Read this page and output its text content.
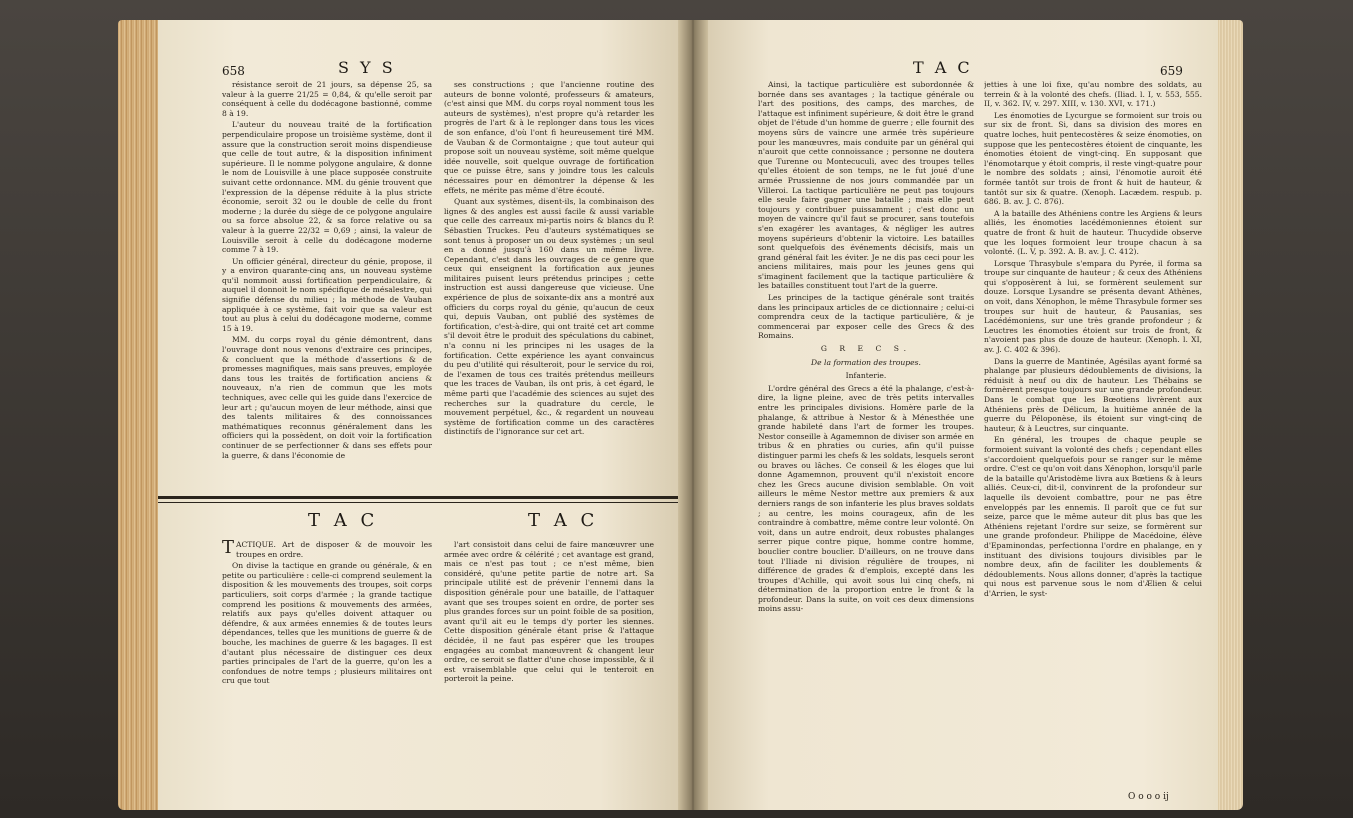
658	S Y S

résistance seroit de 21 jours, sa dépense 25, sa valeur à la guerre 21/25 = 0,84, & qu'elle seroit par conséquent à celle du dodécagone bastionné, comme 8 à 19.

L'auteur du nouveau traité de la fortification perpendiculaire propose un troisième système, dont il assure que la construction seroit moins dispendieuse que celle de tout autre, & la disposition infiniment supérieure. Il le nomme polygone angulaire, & donne le nom de Louisville à une place supposée construite suivant cette ordonnance. MM. du génie trouvent que l'expression de la dépense réduite à la plus stricte économie, seroit 32 ou le double de celle du front moderne ; la durée du siège de ce polygone angulaire ou sa force absolue 22, & sa force relative ou sa valeur à la guerre 22/32 = 0,69 ; ainsi, la valeur de Louisville seroit à celle du dodécagone moderne comme 7 à 19.

Un officier général, directeur du génie, propose, il y a environ quarante-cinq ans, un nouveau système qu'il nommoit aussi fortification perpendiculaire, & auquel il donnoit le nom spécifique de mésalestre, qui signifie défense du milieu ; la méthode de Vauban appliquée à ce système, fait voir que sa valeur est tout au plus à celui du dodécagone moderne, comme 15 à 19.

MM. du corps royal du génie démontrent, dans l'ouvrage dont nous venons d'extraire ces principes, & concluent que la méthode d'assertions & de promesses magnifiques, mais sans preuves, employée dans tous les traités de fortification anciens & nouveaux, n'a rien de commun que les mots techniques, avec celle qui les guide dans l'exercice de leur art ; qu'aucun moyen de leur méthode, ainsi que des talents militaires & des connoissances mathématiques reconnus généralement dans les officiers qui la possèdent, on doit voir la fortification continuer de se perfectionner & dans ses effets pour la guerre, & dans l'économie de

ses constructions ; que l'ancienne routine des auteurs de bonne volonté, professeurs & amateurs, (c'est ainsi que MM. du corps royal nomment tous les auteurs de systèmes), n'est propre qu'à retarder les progrès de l'art & à le replonger dans tous les vices de son enfance, d'où l'ont fi heureusement tiré MM. de Vauban & de Cormontaigne ; que tout auteur qui propose soit un nouveau système, soit même quelque idée nouvelle, soit quelque ouvrage de fortification que ce puisse être, sans y joindre tous les calculs nécessaires pour en démontrer la dépense & les effets, ne mérite pas même d'être écouté.

Quant aux systèmes, disent-ils, la combinaison des lignes & des angles est aussi facile & aussi variable que celle des carreaux mi-partis noirs & blancs du P. Sébastien Truckes. Peu d'auteurs systématiques se sont tenus à proposer un ou deux systèmes ; un seul en a donné jusqu'à 160 dans un même livre. Cependant, c'est dans les ouvrages de ce genre que ceux qui enseignent la fortification aux jeunes militaires puisent leurs prétendus principes ; cette instruction est aussi dangereuse que vicieuse. Une expérience de plus de soixante-dix ans a montré aux officiers du corps royal du génie, qu'aucun de ceux qui, depuis Vauban, ont publié des systèmes de fortification, c'est-à-dire, qui ont traité cet art comme s'il devoit être le produit des spéculations du cabinet, n'a connu ni les principes ni les usages de la fortification. Cette expérience les ayant convaincus du peu d'utilité qui résulteroit, pour le service du roi, de l'examen de tous ces traités prétendus meilleurs que les traces de Vauban, ils ont pris, à cet égard, le même parti que l'académie des sciences au sujet des recherches sur la quadrature du cercle, le mouvement perpétuel, &c., & regardent un nouveau système de fortification comme un des caractères distinctifs de l'ignorance sur cet art.

T A C	T A C
T ACTIQUE. Art de disposer & de mouvoir les troupes en ordre.

On divise la tactique en grande ou générale, & en petite ou particulière : celle-ci comprend seulement la disposition & les mouvements des troupes, soit corps particuliers, soit corps d'armée ; la grande tactique comprend les positions & mouvements des armées, relatifs aux pays qu'elles doivent attaquer ou défendre, & aux armées ennemies & de toutes leurs dépendances, telles que les munitions de guerre & de bouche, les machines de guerre & les bagages. Il est d'autant plus nécessaire de distinguer ces deux parties principales de l'art de la guerre, qu'on les a confondues de notre temps ; plusieurs militaires ont cru que tout

l'art consistoit dans celui de faire manœuvrer une armée avec ordre & célérité ; cet avantage est grand, mais ce n'est pas tout ; ce n'est même, bien considéré, qu'une petite partie de notre art. Sa principale utilité est de prévenir l'ennemi dans la disposition générale pour une bataille, de l'attaquer avant que ses troupes soient en ordre, de porter ses plus grandes forces sur un point foible de sa position, avant qu'il ait eu le temps d'y porter les siennes. Cette disposition générale étant prise & l'attaque décidée, il ne faut pas espérer que les troupes engagées au combat manœuvrent & changent leur ordre, ce seroit se flatter d'une chose impossible, & il est vraisemblable que celui qui le tenteroit en porteroit la peine.

T A C	659

Ainsi, la tactique particulière est subordonnée & bornée dans ses avantages ; la tactique générale ou l'art des positions, des camps, des marches, de l'attaque est infiniment supérieure, & doit être le grand objet de l'étude d'un homme de guerre ; elle fournit des moyens sûrs de vaincre une armée très supérieure pour les manœuvres, mais conduite par un général qui n'auroit que cette connoissance ; personne ne doutera que Turenne ou Montecuculi, avec des troupes telles qu'elles étoient de son temps, ne le fut joué d'une armée Prussienne de nos jours commandée par un Villeroi. La tactique particulière ne peut pas toujours elle seule faire gagner une bataille ; mais elle peut toujours y contribuer puissamment ; c'est donc un moyen de vaincre qu'il faut se procurer, sans toutefois s'en exagérer les avantages, & négliger les autres moyens supérieurs d'obtenir la victoire. Les batailles sont quelquefois des événements décisifs, mais un grand général fait les éviter. Je ne dis pas ceci pour les anciens militaires, mais pour les jeunes gens qui s'imaginent facilement que la tactique particulière & les batailles constituent tout l'art de la guerre.

Les principes de la tactique générale sont traités dans les principaux articles de ce dictionnaire ; celui-ci comprendra ceux de la tactique particulière, & je commencerai par exposer celle des Grecs & des Romains.

G R E C S.
De la formation des troupes.
Infanterie.

L'ordre général des Grecs a été la phalange, c'est-à-dire, la ligne pleine, avec de très petits intervalles entre les principales divisions. Homère parle de la phalange, & attribue à Nestor & à Ménesthée une grande habileté dans l'art de former les troupes. Nestor conseille à Agamemnon de diviser son armée en tribus & en phraties ou curies, afin qu'il puisse distinguer parmi les chefs & les soldats, lesquels seront ou braves ou lâches. Ce conseil & les éloges que lui donne Agamemnon, prouvent qu'il n'existoit encore chez les Grecs aucune division semblable. On voit ailleurs le même Nestor mettre aux premiers & aux derniers rangs de son infanterie les plus braves soldats ; au centre, les moins courageux, afin de les contraindre à combattre, même contre leur volonté. On voit, dans un autre endroit, deux robustes phalanges serrer pique contre pique, homme contre homme, bouclier contre bouclier. D'ailleurs, on ne trouve dans tout l'Iliade ni division régulière de troupes, ni différence de grades & d'emplois, excepté dans les troupes d'Achille, qui avoit sous lui cinq chefs, ni détermination de la proportion entre le front & la profondeur. Dans la suite, on voit ces deux dimensions moins assu-

jetties à une loi fixe, qu'au nombre des soldats, au terrein & à la volonté des chefs. (Iliad. l. I, v. 553, 555. II, v. 362. IV, v. 297. XIII, v. 130. XVI, v. 171.)

Les énomoties de Lycurgue se formoient sur trois ou sur six de front. Si, dans sa division des mores en quatre loches, huit pentecostères & seize énomoties, on suppose que les pentecostères étoient de cinquante, les énomoties étoient de vingt-cinq. En supposant que l'énomotarque y étoit compris, il reste vingt-quatre pour le nombre des soldats ; ainsi, l'énomotie auroit été formée tantôt sur trois de front & huit de hauteur, & tantôt sur six & quatre. (Xenoph. Lacædem. respub. p. 686. B. av. J. C. 876).

A la bataille des Athéniens contre les Argiens & leurs alliés, les énomoties lacédémoniennes étoient sur quatre de front & huit de hauteur. Thucydide observe que les loques formoient leur troupe chacun à sa volonté. (L. V, p. 392. A. B. av. J. C. 412).

Lorsque Thrasybule s'empara du Pyrée, il forma sa troupe sur cinquante de hauteur ; & ceux des Athéniens qui s'opposèrent à lui, se formèrent seulement sur douze. Lorsque Lysandre se présenta devant Athènes, on voit, dans Xénophon, le même Thrasybule former ses troupes sur huit de hauteur, & Pausanias, ses Lacédémoniens, sur une très grande profondeur ; & Leuctres les énomoties étoient sur trois de front, & n'avoient pas plus de douze de hauteur. (Xenoph. l. XI, av. J. C. 402 & 396).

Dans la guerre de Mantinée, Agésilas ayant formé sa phalange par plusieurs dédoublements de divisions, la réduisit à neuf ou dix de hauteur. Les Thébains se formèrent presque toujours sur une grande profondeur. Dans le combat que les Bœotiens livrèrent aux Athéniens près de Délicum, la huitième année de la guerre du Péloponèse, ils étoient sur vingt-cinq de hauteur, & à Leuctres, sur cinquante.

En général, les troupes de chaque peuple se formoient suivant la volonté des chefs ; cependant elles s'accordoient quelquefois pour se ranger sur le même ordre. C'est ce qu'on voit dans Xénophon, lorsqu'il parle de la bataille qu'Aristodème livra aux Bœtiens & à leurs alliés. Ceux-ci, dit-il, convinrent de la profondeur sur laquelle ils devoient combattre, pour ne pas être enveloppés par les ennemis. Il paroît que ce fut sur seize, parce que le même auteur dit plus bas que les Athéniens rejetant l'ordre sur seize, se formèrent sur une grande profondeur. Philippe de Macédoine, élève d'Epaminondas, perfectionna l'ordre en phalange, en y instituant des divisions toujours divisibles par le nombre deux, afin de faciliter les doublements & dédoublements. Nous allons donner, d'après la tactique qui nous est parvenue sous le nom d'Ælien & celui d'Arrien, le syst-

O o o o ij
